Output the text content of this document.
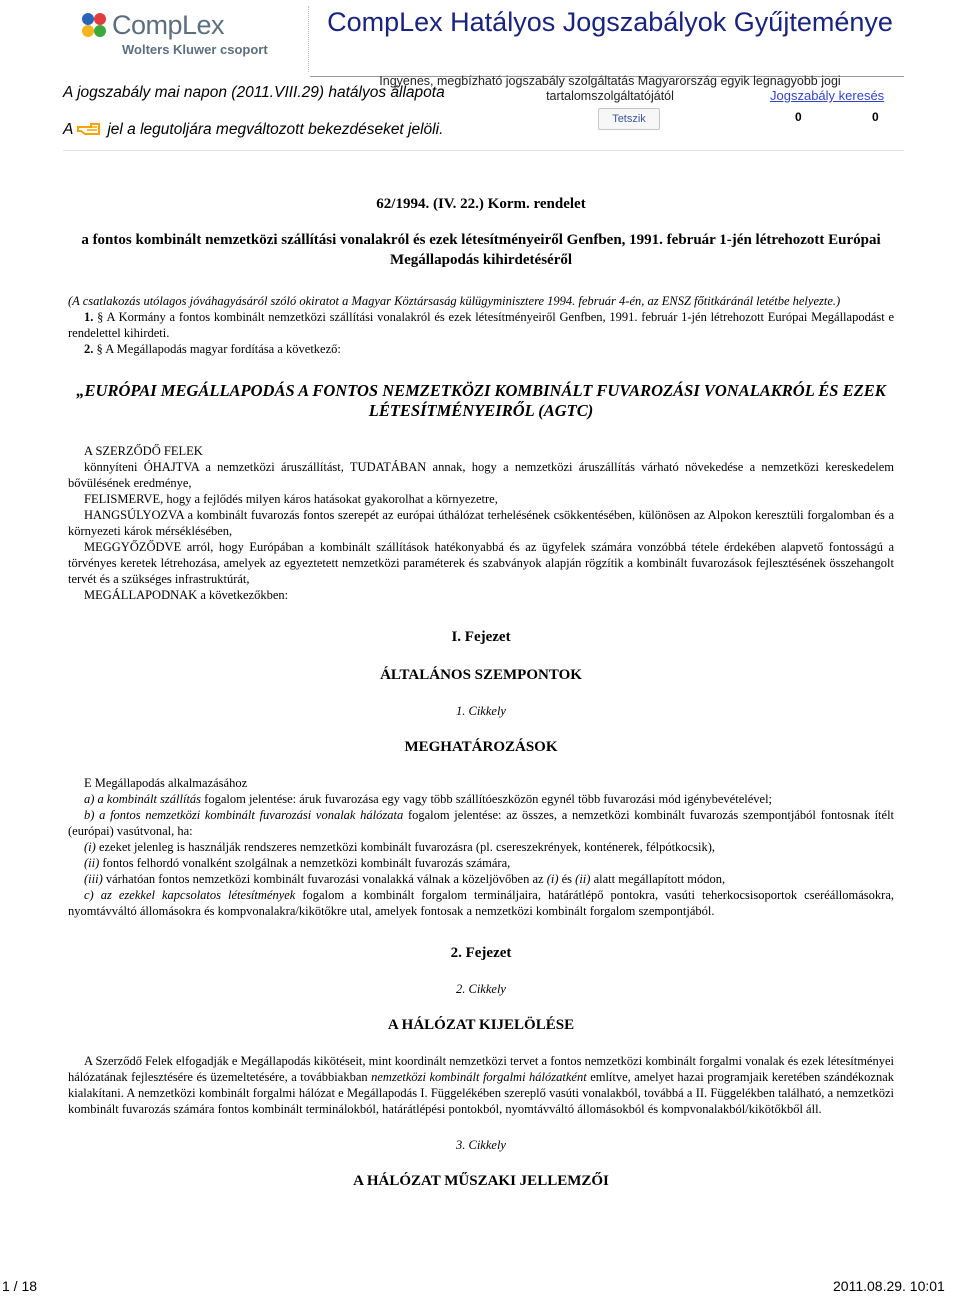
CompLex
Wolters Kluwer csoport
CompLex Hatályos Jogszabályok Gyűjteménye
Ingyenes, megbízható jogszabály szolgáltatás Magyarország egyik legnagyobb jogi tartalomszolgáltatójától
A jogszabály mai napon (2011.VIII.29) hatályos állapota	Jogszabály keresés
A jel a legutoljára megváltozott bekezdéseket jelöli.
Tetszik	0	0

62/1994. (IV. 22.) Korm. rendelet

a fontos kombinált nemzetközi szállítási vonalakról és ezek létesítményeiről Genfben, 1991. február 1-jén létrehozott Európai Megállapodás kihirdetéséről

(A csatlakozás utólagos jóváhagyásáról szóló okiratot a Magyar Köztársaság külügyminisztere 1994. február 4-én, az ENSZ főtitkáránál letétbe helyezte.)

1. § A Kormány a fontos kombinált nemzetközi szállítási vonalakról és ezek létesítményeiről Genfben, 1991. február 1-jén létrehozott Európai Megállapodást e rendelettel kihirdeti.

2. § A Megállapodás magyar fordítása a következő:

„EURÓPAI MEGÁLLAPODÁS A FONTOS NEMZETKÖZI KOMBINÁLT FUVAROZÁSI VONALAKRÓL ÉS EZEK LÉTESÍTMÉNYEIRŐL (AGTC)

A SZERZŐDŐ FELEK

könnyíteni ÓHAJTVA a nemzetközi áruszállítást, TUDATÁBAN annak, hogy a nemzetközi áruszállítás várható növekedése a nemzetközi kereskedelem bővülésének eredménye,

FELISMERVE, hogy a fejlődés milyen káros hatásokat gyakorolhat a környezetre,

HANGSÚLYOZVA a kombinált fuvarozás fontos szerepét az európai úthálózat terhelésének csökkentésében, különösen az Alpokon keresztüli forgalomban és a környezeti károk mérséklésében,

MEGGYŐZŐDVE arról, hogy Európában a kombinált szállítások hatékonyabbá és az ügyfelek számára vonzóbbá tétele érdekében alapvető fontosságú a törvényes keretek létrehozása, amelyek az egyeztetett nemzetközi paraméterek és szabványok alapján rögzítik a kombinált fuvarozások fejlesztésének összehangolt tervét és a szükséges infrastruktúrát,

MEGÁLLAPODNAK a következőkben:

I. Fejezet

ÁLTALÁNOS SZEMPONTOK

1. Cikkely

MEGHATÁROZÁSOK

E Megállapodás alkalmazásához

a) a kombinált szállítás fogalom jelentése: áruk fuvarozása egy vagy több szállítóeszközön egynél több fuvarozási mód igénybevételével;

b) a fontos nemzetközi kombinált fuvarozási vonalak hálózata fogalom jelentése: az összes, a nemzetközi kombinált fuvarozás szempontjából fontosnak ítélt (európai) vasútvonal, ha:

(i) ezeket jelenleg is használják rendszeres nemzetközi kombinált fuvarozásra (pl. csereszekrények, konténerek, félpótkocsik),

(ii) fontos felhordó vonalként szolgálnak a nemzetközi kombinált fuvarozás számára,

(iii) várhatóan fontos nemzetközi kombinált fuvarozási vonalakká válnak a közeljövőben az (i) és (ii) alatt megállapított módon,

c) az ezekkel kapcsolatos létesítmények fogalom a kombinált forgalom termináljaira, határátlépő pontokra, vasúti teherkocsisoportok cseréállomásokra, nyomtávváltó állomásokra és kompvonalakra/kikötőkre utal, amelyek fontosak a nemzetközi kombinált forgalom szempontjából.

2. Fejezet

2. Cikkely

A HÁLÓZAT KIJELÖLÉSE

A Szerződő Felek elfogadják e Megállapodás kikötéseit, mint koordinált nemzetközi tervet a fontos nemzetközi kombinált forgalmi vonalak és ezek létesítményei hálózatának fejlesztésére és üzemeltetésére, a továbbiakban nemzetközi kombinált forgalmi hálózatként említve, amelyet hazai programjaik keretében szándékoznak kialakítani. A nemzetközi kombinált forgalmi hálózat e Megállapodás I. Függelékében szereplő vasúti vonalakból, továbbá a II. Függelékben található, a nemzetközi kombinált fuvarozás számára fontos kombinált terminálokból, határátlépési pontokból, nyomtávváltó állomásokból és kompvonalakból/kikötőkből áll.

3. Cikkely

A HÁLÓZAT MŰSZAKI JELLEMZŐI

1 / 18	2011.08.29. 10:01
